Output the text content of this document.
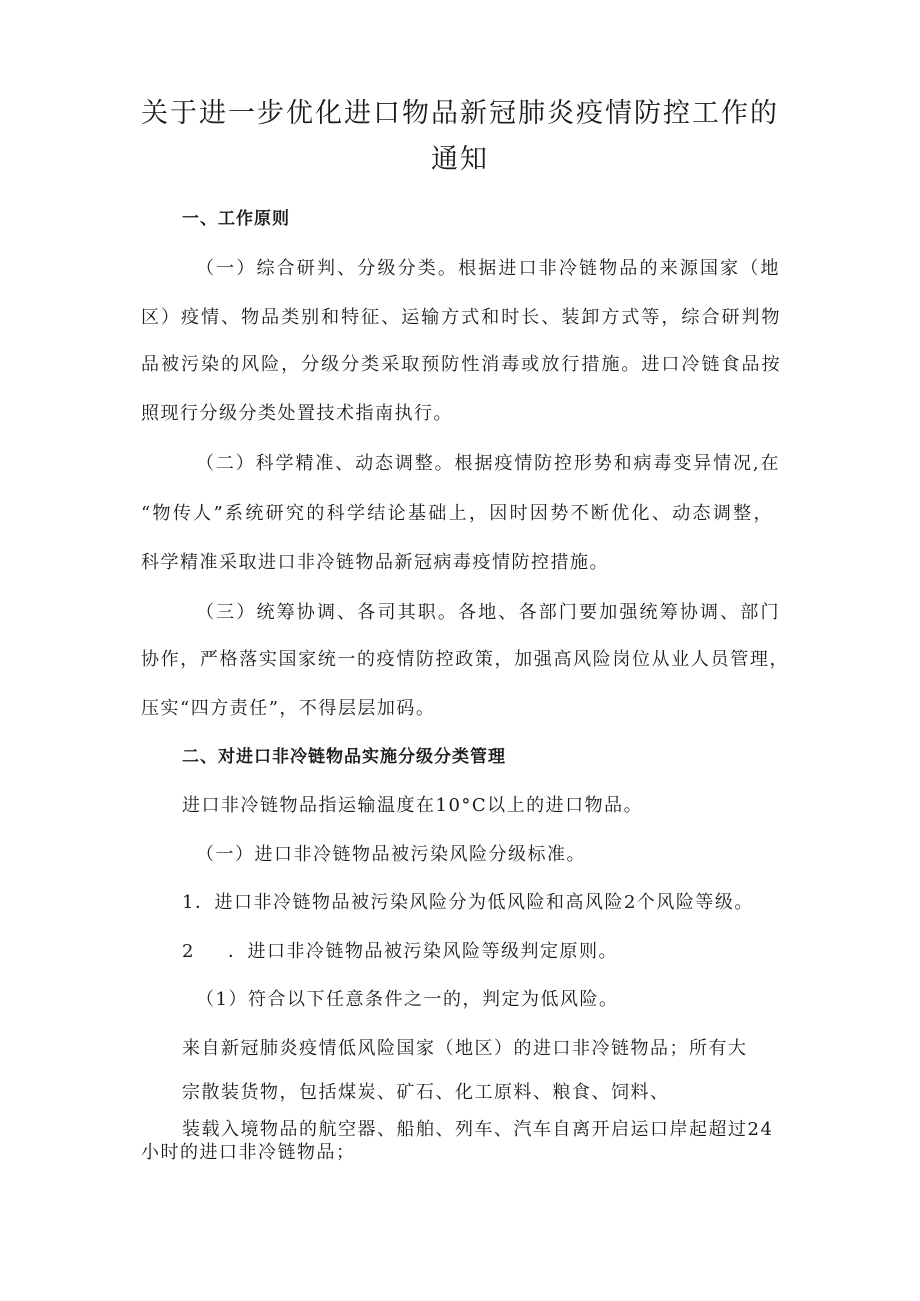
关于进一步优化进口物品新冠肺炎疫情防控工作的
通知

一、工作原则

（一）综合研判、分级分类。根据进口非冷链物品的来源国家（地

区）疫情、物品类别和特征、运输方式和时长、装卸方式等，综合研判物

品被污染的风险，分级分类采取预防性消毒或放行措施。进口冷链食品按

照现行分级分类处置技术指南执行。

（二）科学精准、动态调整。根据疫情防控形势和病毒变异情况,在

“物传人”系统研究的科学结论基础上，因时因势不断优化、动态调整，

科学精准采取进口非冷链物品新冠病毒疫情防控措施。

（三）统筹协调、各司其职。各地、各部门要加强统筹协调、部门

协作，严格落实国家统一的疫情防控政策，加强高风险岗位从业人员管理，

压实“四方责任”，不得层层加码。

二、对进口非冷链物品实施分级分类管理

进口非冷链物品指运输温度在10°C以上的进口物品。

（一）进口非冷链物品被污染风险分级标准。

1．进口非冷链物品被污染风险分为低风险和高风险2个风险等级。

2 ．进口非冷链物品被污染风险等级判定原则。

（1）符合以下任意条件之一的，判定为低风险。

来自新冠肺炎疫情低风险国家（地区）的进口非冷链物品；所有大

宗散装货物，包括煤炭、矿石、化工原料、粮食、饲料、

装载入境物品的航空器、船舶、列车、汽车自离开启运口岸起超过24

小时的进口非冷链物品；
